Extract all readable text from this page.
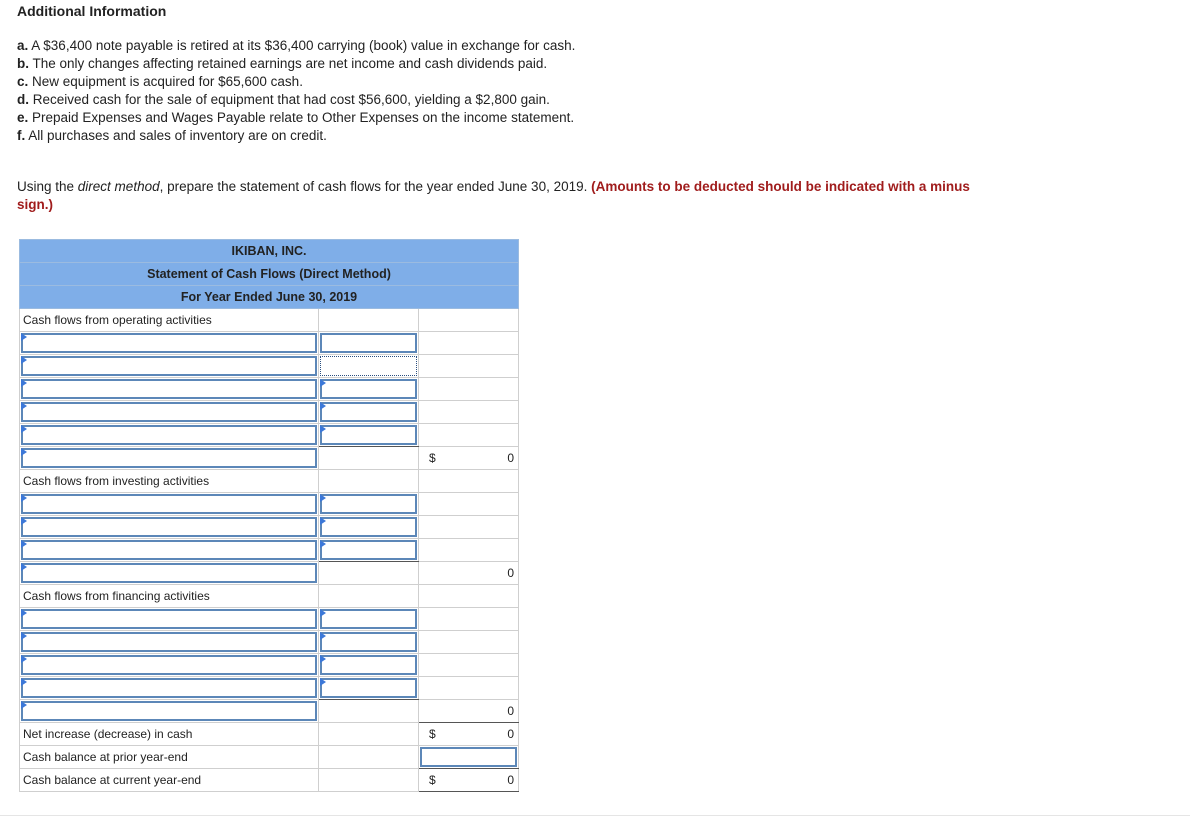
Additional Information
a. A $36,400 note payable is retired at its $36,400 carrying (book) value in exchange for cash.
b. The only changes affecting retained earnings are net income and cash dividends paid.
c. New equipment is acquired for $65,600 cash.
d. Received cash for the sale of equipment that had cost $56,600, yielding a $2,800 gain.
e. Prepaid Expenses and Wages Payable relate to Other Expenses on the income statement.
f. All purchases and sales of inventory are on credit.
Using the direct method, prepare the statement of cash flows for the year ended June 30, 2019. (Amounts to be deducted should be indicated with a minus sign.)
IKIBAN, INC.		
Statement of Cash Flows (Direct Method)		
For Year Ended June 30, 2019		
Cash flows from operating activities		

		$ 0

Cash flows from investing activities		

		0

Cash flows from financing activities		

		0

Net increase (decrease) in cash		$ 0

Cash balance at prior year-end		

Cash balance at current year-end		$ 0
